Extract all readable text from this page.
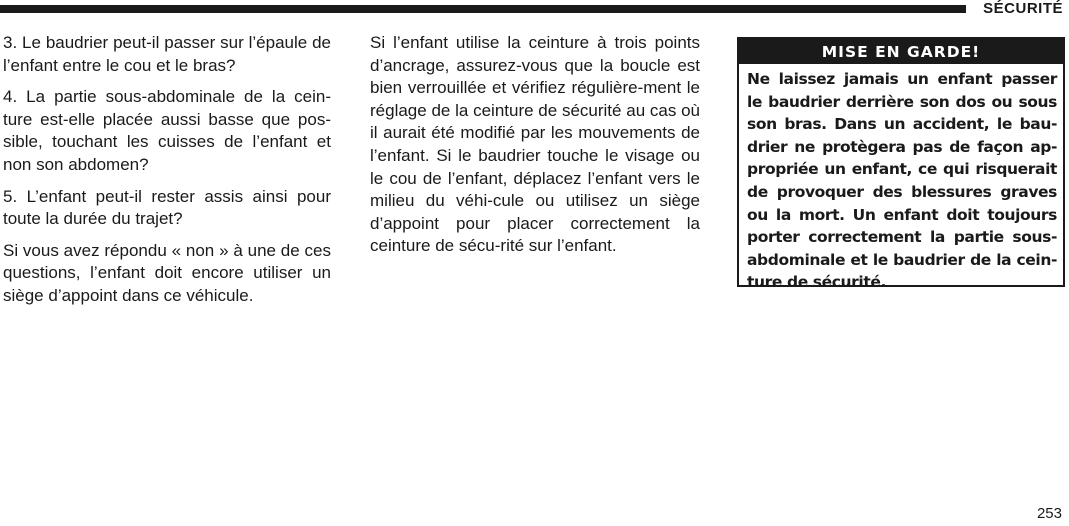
SÉCURITÉ

3. Le baudrier peut-il passer sur l’épaule de l’enfant entre le cou et le bras?

4. La partie sous-abdominale de la cein-ture est-elle placée aussi basse que pos-sible, touchant les cuisses de l’enfant et non son abdomen?

5. L’enfant peut-il rester assis ainsi pour toute la durée du trajet?

Si vous avez répondu « non » à une de ces questions, l’enfant doit encore utiliser un siège d’appoint dans ce véhicule.

Si l’enfant utilise la ceinture à trois points d’ancrage, assurez-vous que la boucle est bien verrouillée et vérifiez régulière-ment le réglage de la ceinture de sécurité au cas où il aurait été modifié par les mouvements de l’enfant. Si le baudrier touche le visage ou le cou de l’enfant, déplacez l’enfant vers le milieu du véhi-cule ou utilisez un siège d’appoint pour placer correctement la ceinture de sécu-rité sur l’enfant.

MISE EN GARDE!
Ne laissez jamais un enfant passer le baudrier derrière son dos ou sous son bras. Dans un accident, le bau-drier ne protègera pas de façon ap-propriée un enfant, ce qui risquerait de provoquer des blessures graves ou la mort. Un enfant doit toujours porter correctement la partie sous-abdominale et le baudrier de la cein-ture de sécurité.
253
